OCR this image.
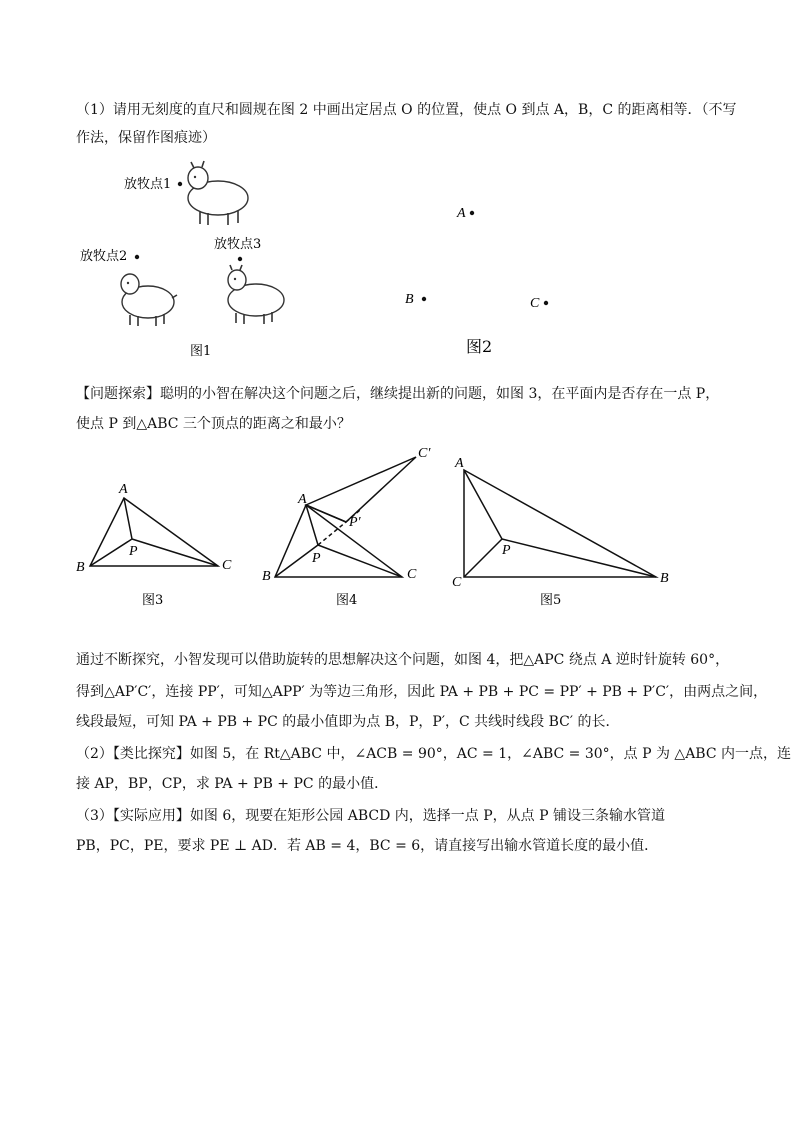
（1）请用无刻度的直尺和圆规在图 2 中画出定居点 O 的位置，使点 O 到点 A，B，C 的距离相等．（不写
作法，保留作图痕迹）
放牧点1
放牧点2
放牧点3
图1
A
B	C
图2
【问题探索】聪明的小智在解决这个问题之后，继续提出新的问题，如图 3，在平面内是否存在一点 P，
使点 P 到△ABC 三个顶点的距离之和最小？
A
B	C
P
图3
A
B	C
P
P′
C′
图4
A
C	B
P
图5
通过不断探究，小智发现可以借助旋转的思想解决这个问题，如图 4，把△APC 绕点 A 逆时针旋转 60°，
得到△AP′C′，连接 PP′，可知△APP′ 为等边三角形，因此 PA + PB + PC = PP′ + PB + P′C′，由两点之间，
线段最短，可知 PA + PB + PC 的最小值即为点 B，P，P′，C 共线时线段 BC′ 的长．
（2）【类比探究】如图 5，在 Rt△ABC 中，∠ACB = 90°，AC = 1，∠ABC = 30°，点 P 为 △ABC 内一点，连
接 AP，BP，CP，求 PA + PB + PC 的最小值．
（3）【实际应用】如图 6，现要在矩形公园 ABCD 内，选择一点 P，从点 P 铺设三条输水管道
PB，PC，PE，要求 PE ⊥ AD．若 AB = 4，BC = 6，请直接写出输水管道长度的最小值．
